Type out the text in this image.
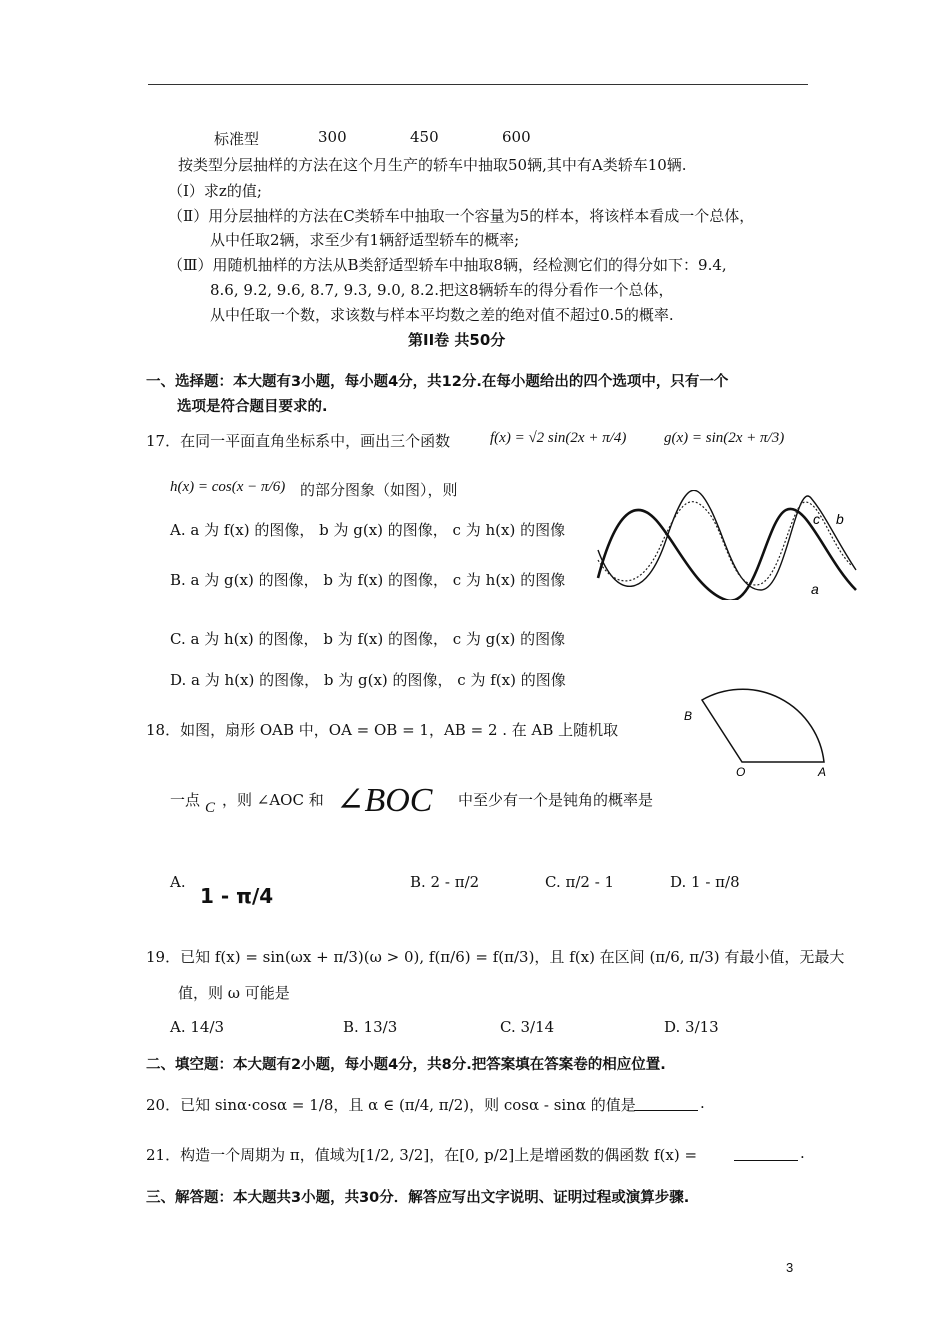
标准型	300	450	600
按类型分层抽样的方法在这个月生产的轿车中抽取50辆,其中有A类轿车10辆.
（Ⅰ）求z的值;
（Ⅱ）用分层抽样的方法在C类轿车中抽取一个容量为5的样本，将该样本看成一个总体，
从中任取2辆，求至少有1辆舒适型轿车的概率;
（Ⅲ）用随机抽样的方法从B类舒适型轿车中抽取8辆，经检测它们的得分如下：9.4,
8.6, 9.2, 9.6, 8.7, 9.3, 9.0, 8.2.把这8辆轿车的得分看作一个总体，
从中任取一个数，求该数与样本平均数之差的绝对值不超过0.5的概率.
第II卷 共50分
一、选择题：本大题有3小题，每小题4分，共12分.在每小题给出的四个选项中，只有一个
选项是符合题目要求的.
17．在同一平面直角坐标系中，画出三个函数	f(x) = √2 sin(2x + π/4)	g(x) = sin(2x + π/3)
h(x) = cos(x − π/6) 的部分图象（如图），则
A. a 为 f(x) 的图像， b 为 g(x) 的图像， c 为 h(x) 的图像
B. a 为 g(x) 的图像， b 为 f(x) 的图像， c 为 h(x) 的图像
C. a 为 h(x) 的图像， b 为 f(x) 的图像， c 为 g(x) 的图像
D. a 为 h(x) 的图像， b 为 g(x) 的图像， c 为 f(x) 的图像
c b
a
18．如图，扇形 OAB 中，OA = OB = 1，AB = 2 . 在 AB 上随机取
一点 C ，则 ∠AOC 和 ∠BOC 中至少有一个是钝角的概率是
B
O	A
A.
1 - π/4
B. 2 - π/2	C. π/2 - 1	D. 1 - π/8
19．已知 f(x) = sin(ωx + π/3)(ω > 0), f(π/6) = f(π/3)，且 f(x) 在区间 (π/6, π/3) 有最小值，无最大
值，则 ω 可能是
A. 14/3	B. 13/3	C. 3/14	D. 3/13
二、填空题：本大题有2小题，每小题4分，共8分.把答案填在答案卷的相应位置.
20．已知 sinα·cosα = 1/8，且 α ∈ (π/4, π/2)，则 cosα - sinα 的值是	.
21．构造一个周期为 π，值域为[1/2, 3/2]，在[0, p/2]上是增函数的偶函数 f(x) =	.
三、解答题：本大题共3小题，共30分．解答应写出文字说明、证明过程或演算步骤.
3
